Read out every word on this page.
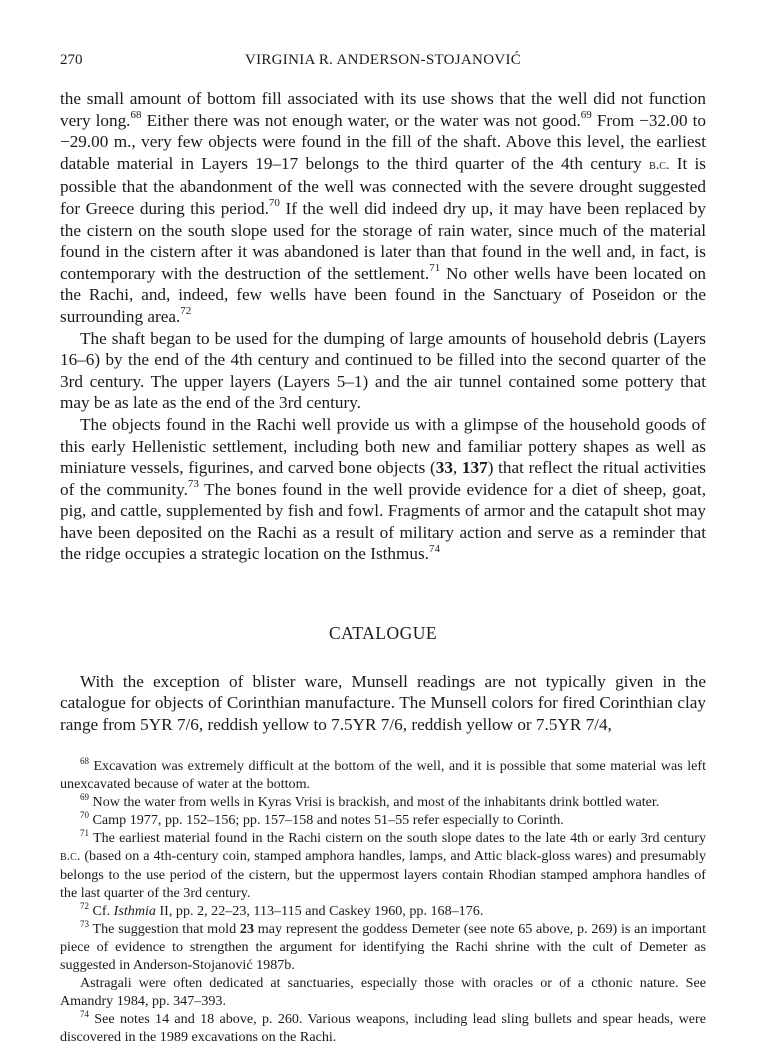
270	VIRGINIA R. ANDERSON-STOJANOVIĆ

the small amount of bottom fill associated with its use shows that the well did not function very long.$^{68}$ Either there was not enough water, or the water was not good.$^{69}$ From −32.00 to −29.00 m., very few objects were found in the fill of the shaft. Above this level, the earliest datable material in Layers 19–17 belongs to the third quarter of the 4th century b.c. It is possible that the abandonment of the well was connected with the severe drought suggested for Greece during this period.$^{70}$ If the well did indeed dry up, it may have been replaced by the cistern on the south slope used for the storage of rain water, since much of the material found in the cistern after it was abandoned is later than that found in the well and, in fact, is contemporary with the destruction of the settlement.$^{71}$ No other wells have been located on the Rachi, and, indeed, few wells have been found in the Sanctuary of Poseidon or the surrounding area.$^{72}$

The shaft began to be used for the dumping of large amounts of household debris (Layers 16–6) by the end of the 4th century and continued to be filled into the second quarter of the 3rd century. The upper layers (Layers 5–1) and the air tunnel contained some pottery that may be as late as the end of the 3rd century.

The objects found in the Rachi well provide us with a glimpse of the household goods of this early Hellenistic settlement, including both new and familiar pottery shapes as well as miniature vessels, figurines, and carved bone objects (33, 137) that reflect the ritual activities of the community.$^{73}$ The bones found in the well provide evidence for a diet of sheep, goat, pig, and cattle, supplemented by fish and fowl. Fragments of armor and the catapult shot may have been deposited on the Rachi as a result of military action and serve as a reminder that the ridge occupies a strategic location on the Isthmus.$^{74}$

CATALOGUE

With the exception of blister ware, Munsell readings are not typically given in the catalogue for objects of Corinthian manufacture. The Munsell colors for fired Corinthian clay range from 5YR 7/6, reddish yellow to 7.5YR 7/6, reddish yellow or 7.5YR 7/4,

$^{68}$ Excavation was extremely difficult at the bottom of the well, and it is possible that some material was left unexcavated because of water at the bottom.

$^{69}$ Now the water from wells in Kyras Vrisi is brackish, and most of the inhabitants drink bottled water.

$^{70}$ Camp 1977, pp. 152–156; pp. 157–158 and notes 51–55 refer especially to Corinth.

$^{71}$ The earliest material found in the Rachi cistern on the south slope dates to the late 4th or early 3rd century b.c. (based on a 4th-century coin, stamped amphora handles, lamps, and Attic black-gloss wares) and presumably belongs to the use period of the cistern, but the uppermost layers contain Rhodian stamped amphora handles of the last quarter of the 3rd century.

$^{72}$ Cf. Isthmia II, pp. 2, 22–23, 113–115 and Caskey 1960, pp. 168–176.

$^{73}$ The suggestion that mold 23 may represent the goddess Demeter (see note 65 above, p. 269) is an important piece of evidence to strengthen the argument for identifying the Rachi shrine with the cult of Demeter as suggested in Anderson-Stojanović 1987b.

Astragali were often dedicated at sanctuaries, especially those with oracles or of a cthonic nature. See Amandry 1984, pp. 347–393.

$^{74}$ See notes 14 and 18 above, p. 260. Various weapons, including lead sling bullets and spear heads, were discovered in the 1989 excavations on the Rachi.
